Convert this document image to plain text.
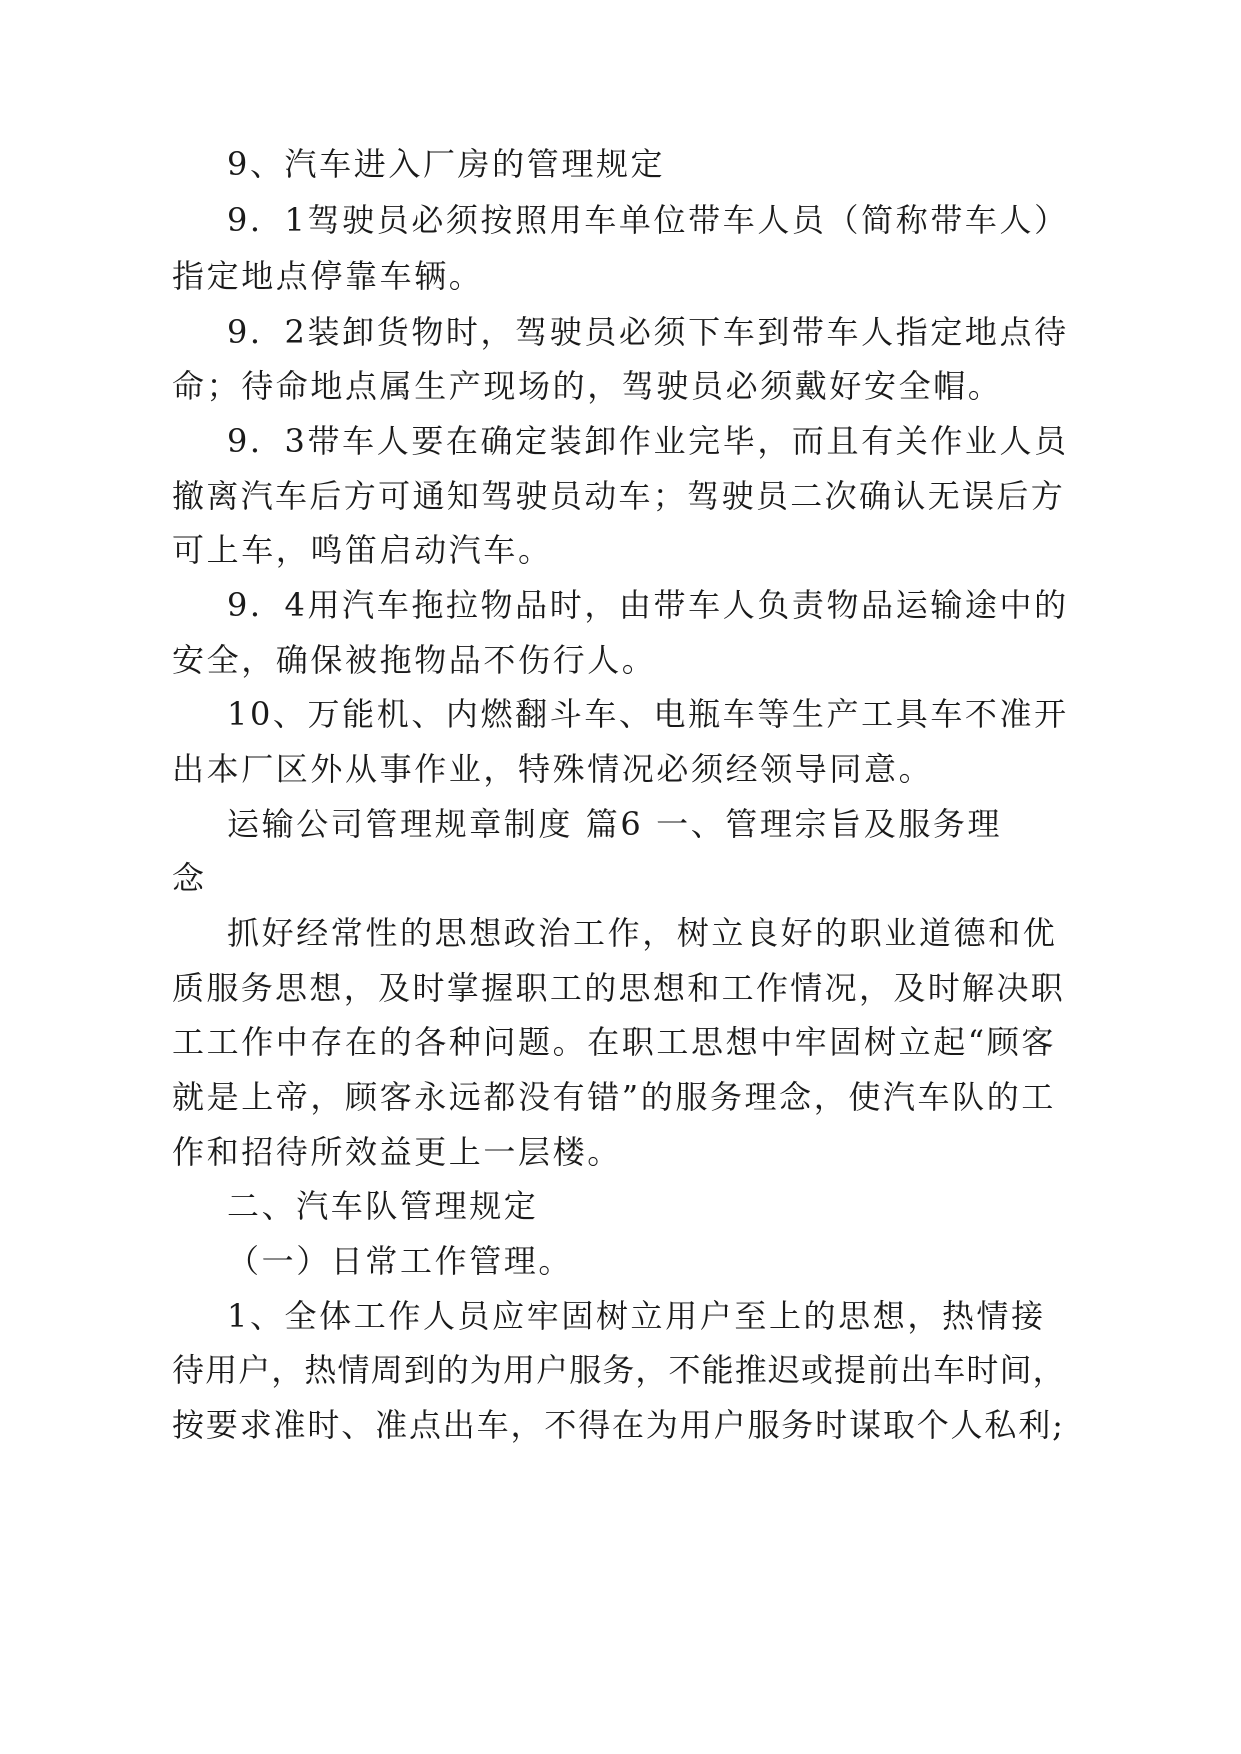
9、汽车进入厂房的管理规定
9．1驾驶员必须按照用车单位带车人员（简称带车人）
指定地点停靠车辆。
9．2装卸货物时，驾驶员必须下车到带车人指定地点待
命；待命地点属生产现场的，驾驶员必须戴好安全帽。
9．3带车人要在确定装卸作业完毕，而且有关作业人员
撤离汽车后方可通知驾驶员动车；驾驶员二次确认无误后方
可上车，鸣笛启动汽车。
9．4用汽车拖拉物品时，由带车人负责物品运输途中的
安全，确保被拖物品不伤行人。
10、万能机、内燃翻斗车、电瓶车等生产工具车不准开
出本厂区外从事作业，特殊情况必须经领导同意。
运输公司管理规章制度 篇6 一、管理宗旨及服务理
念
抓好经常性的思想政治工作，树立良好的职业道德和优
质服务思想，及时掌握职工的思想和工作情况，及时解决职
工工作中存在的各种问题。在职工思想中牢固树立起“顾客
就是上帝，顾客永远都没有错”的服务理念，使汽车队的工
作和招待所效益更上一层楼。
二、汽车队管理规定
（一）日常工作管理。
1、全体工作人员应牢固树立用户至上的思想，热情接
待用户，热情周到的为用户服务，不能推迟或提前出车时间，
按要求准时、准点出车，不得在为用户服务时谋取个人私利;
